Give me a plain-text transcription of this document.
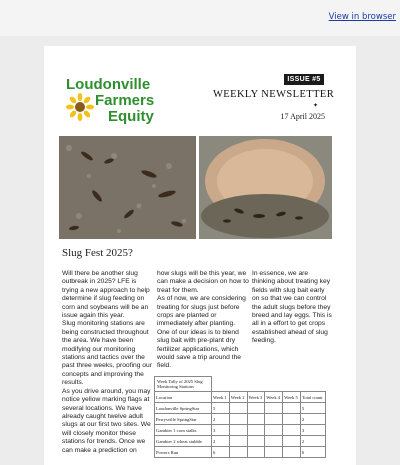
View in browser
Loudonville
Farmers
Equity
ISSUE #5
WEEKLY NEWSLETTER
✦
17 April 2025
Slug Fest 2025?
Will there be another slug outbreak in 2025? LFE is trying a new approach to help determine if slug feeding on corn and soybeans will be an issue again this year.
Slug monitoring stations are being constructed throughout the area. We have been modifying our monitoring stations and tactics over the past three weeks, proofing our concepts and improving the results.
As you drive around, you may notice yellow marking flags at several locations. We have already caught twelve adult slugs at our first two sites. We will closely monitor these stations for trends. Once we can make a prediction on
how slugs will be this year, we can make a decision on how to treat for them.
As of now, we are considering treating for slugs just before crops are planted or immediately after planting. One of our ideas is to blend slug bait with pre-plant dry fertilizer applications, which would save a trip around the field.
In essence, we are thinking about treating key fields with slug bait early on so that we can control the adult slugs before they breed and lay eggs. This is all in a effort to get crops established ahead of slug feeding.
Week Tally of 2025 Slug Monitoring Stations
Location	Week 1	Week 2	Week 3	Week 4	Week 5	Total count
Loudonville SpringStar	5					5
Perrysville SpringStar	2					2
Gambier 1 corn stalks	3					3
Gambier 2 wheat stubble	2					2
Powers Run	6					6
